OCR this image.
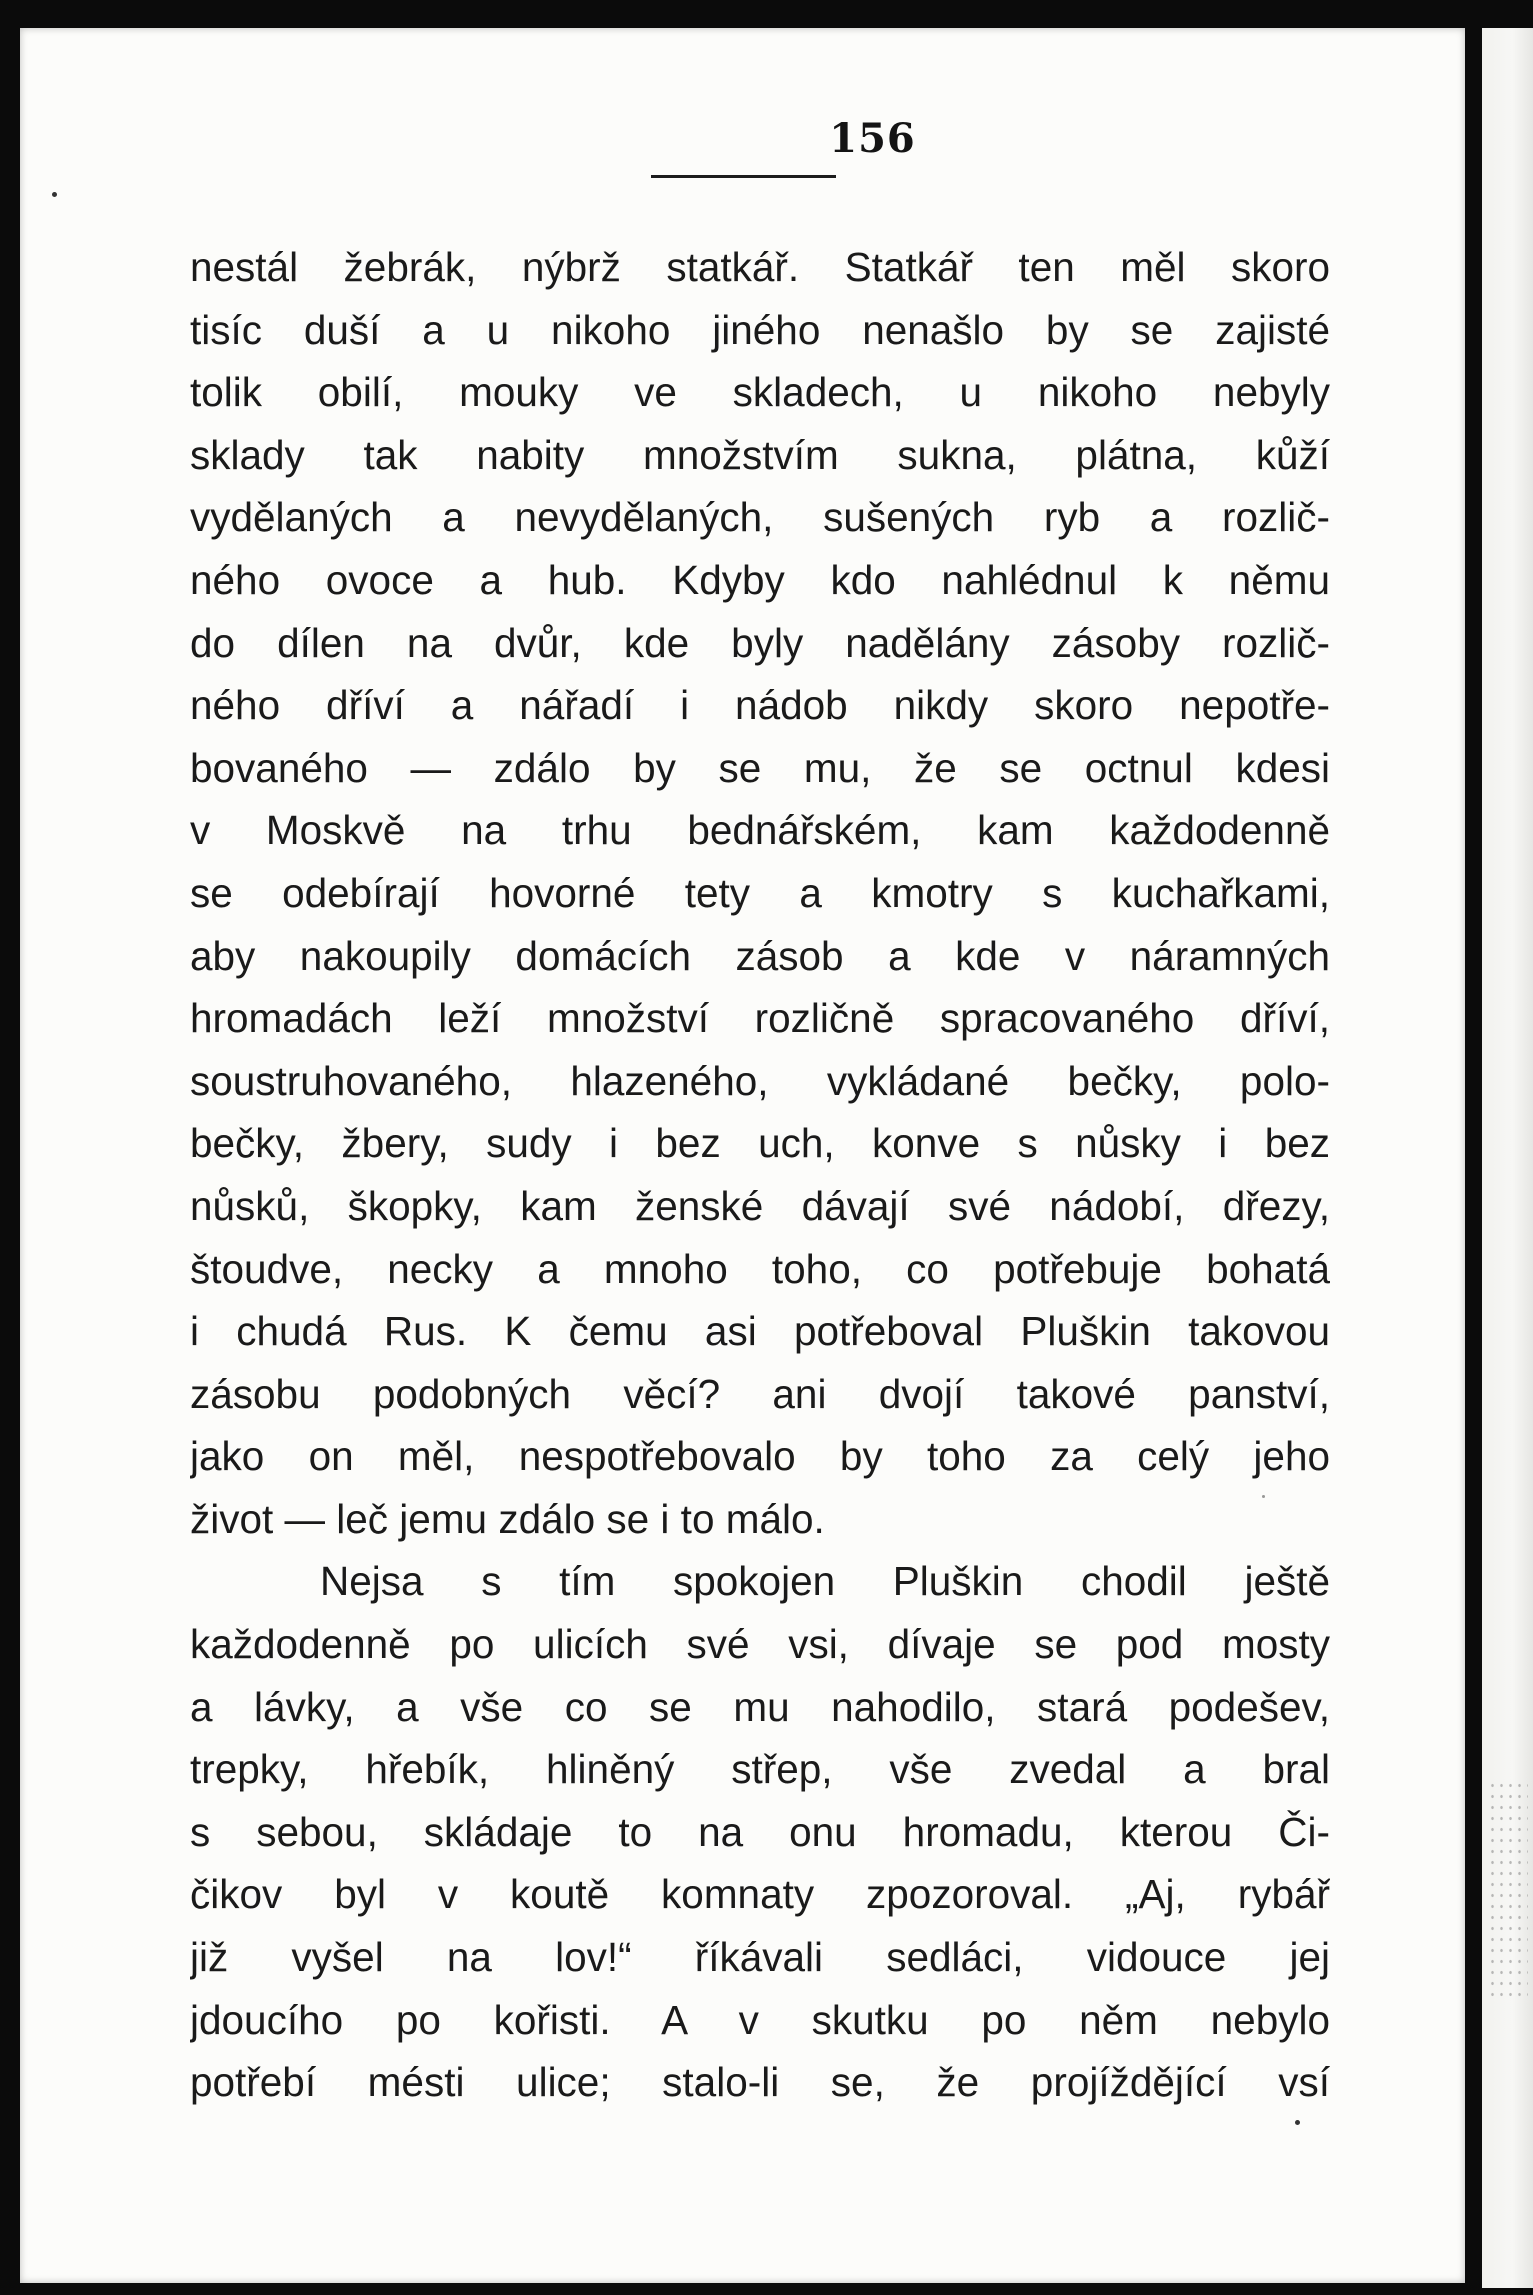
156
nestál žebrák, nýbrž statkář. Statkář ten měl skoro
tisíc duší a u nikoho jiného nenašlo by se zajisté
tolik obilí, mouky ve skladech, u nikoho nebyly
sklady tak nabity množstvím sukna, plátna, kůží
vydělaných a nevydělaných, sušených ryb a rozlič-
ného ovoce a hub. Kdyby kdo nahlédnul k němu
do dílen na dvůr, kde byly nadělány zásoby rozlič-
ného dříví a nářadí i nádob nikdy skoro nepotře-
bovaného — zdálo by se mu, že se octnul kdesi
v Moskvě na trhu bednářském, kam každodenně
se odebírají hovorné tety a kmotry s kuchařkami,
aby nakoupily domácích zásob a kde v náramných
hromadách leží množství rozličně spracovaného dříví,
soustruhovaného, hlazeného, vykládané bečky, polo-
bečky, žbery, sudy i bez uch, konve s nůsky i bez
nůsků, škopky, kam ženské dávají své nádobí, dřezy,
štoudve, necky a mnoho toho, co potřebuje bohatá
i chudá Rus. K čemu asi potřeboval Pluškin takovou
zásobu podobných věcí? ani dvojí takové panství,
jako on měl, nespotřebovalo by toho za celý jeho
život — leč jemu zdálo se i to málo.
Nejsa s tím spokojen Pluškin chodil ještě
každodenně po ulicích své vsi, dívaje se pod mosty
a lávky, a vše co se mu nahodilo, stará podešev,
trepky, hřebík, hliněný střep, vše zvedal a bral
s sebou, skládaje to na onu hromadu, kterou Či-
čikov byl v koutě komnaty zpozoroval. „Aj, rybář
již vyšel na lov!“ říkávali sedláci, vidouce jej
jdoucího po kořisti. A v skutku po něm nebylo
potřebí mésti ulice; stalo-li se, že projíždějící vsí
